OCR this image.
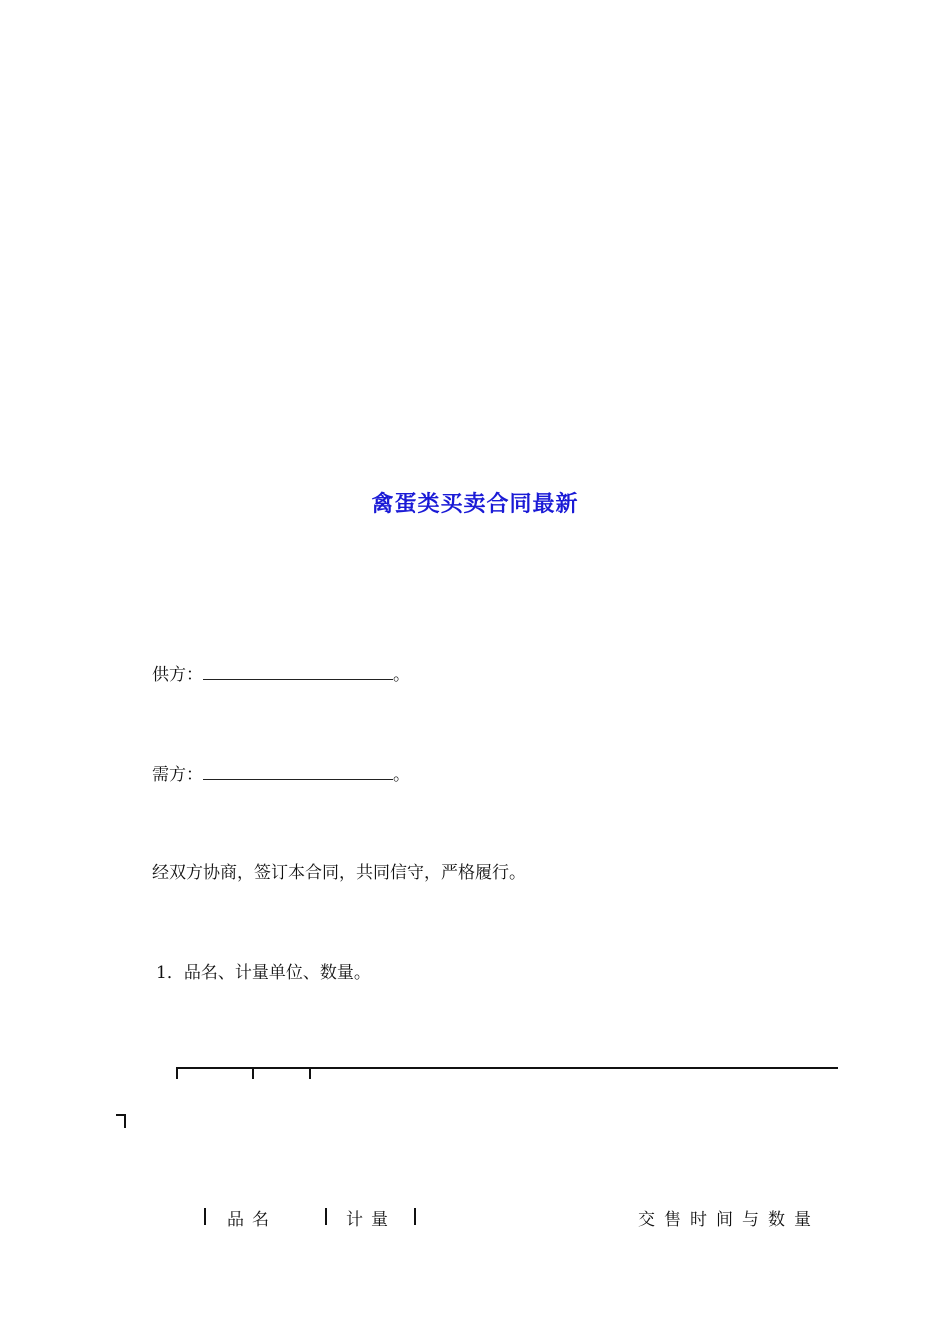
禽蛋类买卖合同最新
供方：	。
需方：	。
经双方协商，签订本合同，共同信守，严格履行。
1．品名、计量单位、数量。
品名	计量	交售时间与数量
